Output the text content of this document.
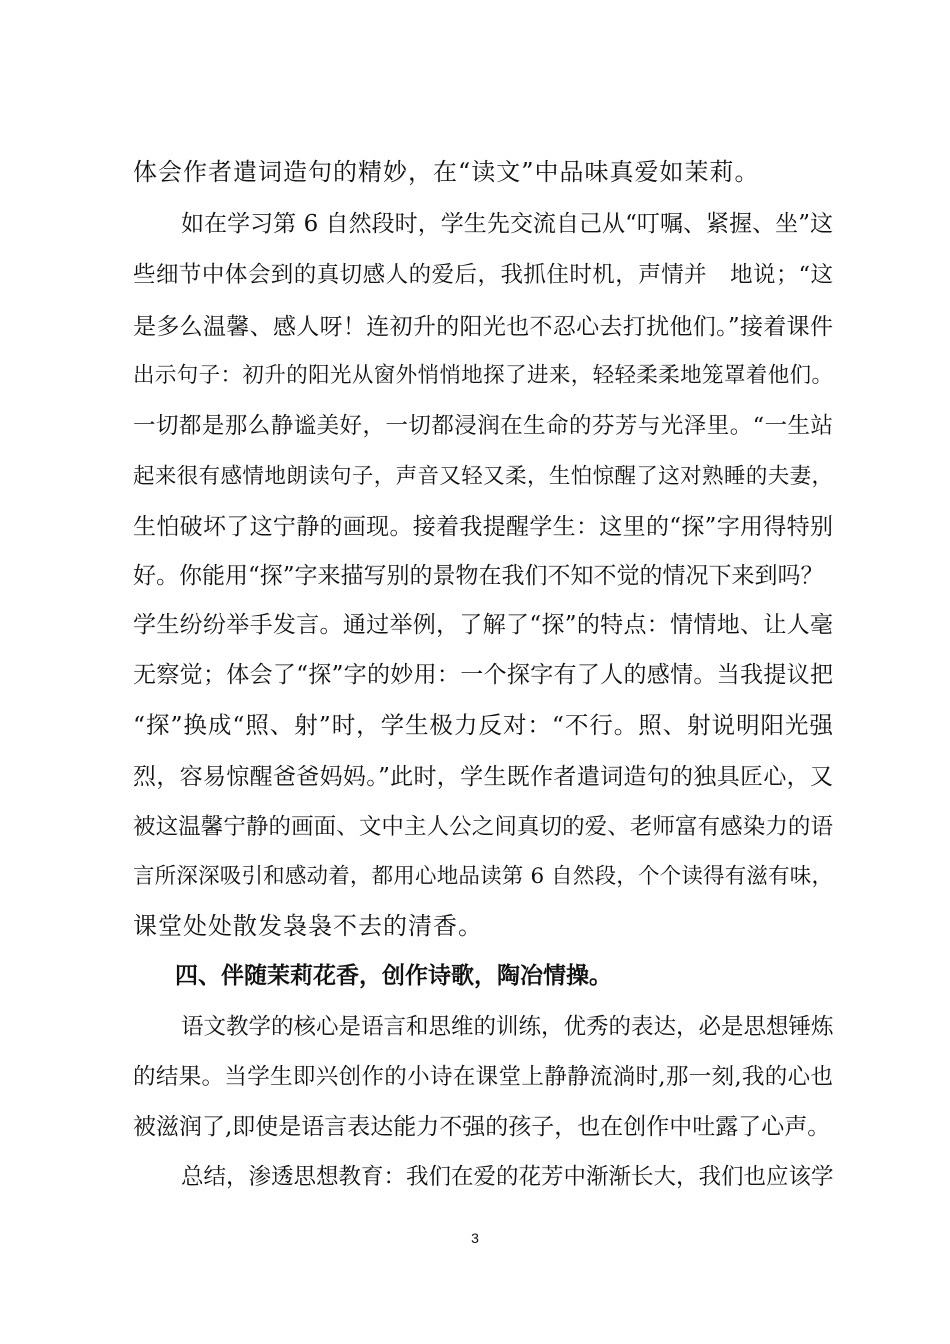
体会作者遣词造句的精妙，在“读文”中品味真爱如茉莉。
如在学习第 6 自然段时，学生先交流自己从“叮嘱、紧握、坐”这
些细节中体会到的真切感人的爱后，我抓住时机，声情并　地说；“这
是多么温馨、感人呀！连初升的阳光也不忍心去打扰他们。”接着课件
出示句子：初升的阳光从窗外悄悄地探了进来，轻轻柔柔地笼罩着他们。
一切都是那么静谧美好，一切都浸润在生命的芬芳与光泽里。“一生站
起来很有感情地朗读句子，声音又轻又柔，生怕惊醒了这对熟睡的夫妻，
生怕破坏了这宁静的画现。接着我提醒学生：这里的“探”字用得特别
好。你能用“探”字来描写别的景物在我们不知不觉的情况下来到吗？
学生纷纷举手发言。通过举例，了解了“探”的特点：情情地、让人毫
无察觉；体会了“探”字的妙用：一个探字有了人的感情。当我提议把
“探”换成“照、射”时，学生极力反对：“不行。照、射说明阳光强
烈，容易惊醒爸爸妈妈。”此时，学生既作者遣词造句的独具匠心，又
被这温馨宁静的画面、文中主人公之间真切的爱、老师富有感染力的语
言所深深吸引和感动着，都用心地品读第 6 自然段，个个读得有滋有味，
课堂处处散发袅袅不去的清香。
四、伴随茉莉花香，创作诗歌，陶冶情操。
语文教学的核心是语言和思维的训练，优秀的表达，必是思想锤炼
的结果。当学生即兴创作的小诗在课堂上静静流淌时,那一刻,我的心也
被滋润了,即使是语言表达能力不强的孩子，也在创作中吐露了心声。
总结，渗透思想教育：我们在爱的花芳中渐渐长大，我们也应该学
3
